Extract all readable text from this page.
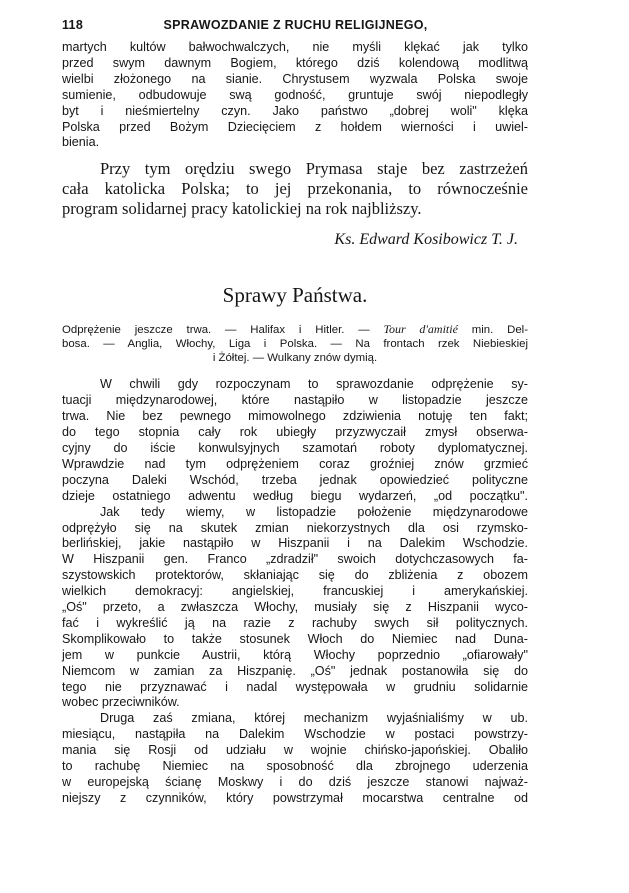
118	SPRAWOZDANIE Z RUCHU RELIGIJNEGO,
martych kultów bałwochwalczych, nie myśli klękać jak tylko
przed swym dawnym Bogiem, którego dziś kolendową modlitwą
wielbi złożonego na sianie. Chrystusem wyzwala Polska swoje
sumienie, odbudowuje swą godność, gruntuje swój niepodległy
byt i nieśmiertelny czyn. Jako państwo „dobrej woli" klęka
Polska przed Bożym Dziecięciem z hołdem wierności i uwiel-
bienia.
Przy tym orędziu swego Prymasa staje bez zastrzeżeń
cała katolicka Polska; to jej przekonania, to równocześnie
program solidarnej pracy katolickiej na rok najbliższy.
Ks. Edward Kosibowicz T. J.
Sprawy Państwa.
Odprężenie jeszcze trwa. — Halifax i Hitler. — Tour d'amitié min. Del-
bosa. — Anglia, Włochy, Liga i Polska. — Na frontach rzek Niebieskiej
i Żółtej. — Wulkany znów dymią.
W chwili gdy rozpoczynam to sprawozdanie odprężenie sy-
tuacji międzynarodowej, które nastąpiło w listopadzie jeszcze
trwa. Nie bez pewnego mimowolnego zdziwienia notuję ten fakt;
do tego stopnia cały rok ubiegły przyzwyczaił zmysł obserwa-
cyjny do iście konwulsyjnych szamotań roboty dyplomatycznej.
Wprawdzie nad tym odprężeniem coraz groźniej znów grzmieć
poczyna Daleki Wschód, trzeba jednak opowiedzieć polityczne
dzieje ostatniego adwentu według biegu wydarzeń, „od początku".
Jak tedy wiemy, w listopadzie położenie międzynarodowe
odprężyło się na skutek zmian niekorzystnych dla osi rzymsko-
berlińskiej, jakie nastąpiło w Hiszpanii i na Dalekim Wschodzie.
W Hiszpanii gen. Franco „zdradził" swoich dotychczasowych fa-
szystowskich protektorów, skłaniając się do zbliżenia z obozem
wielkich demokracyj: angielskiej, francuskiej i amerykańskiej.
„Oś" przeto, a zwłaszcza Włochy, musiały się z Hiszpanii wyco-
fać i wykreślić ją na razie z rachuby swych sił politycznych.
Skomplikowało to także stosunek Włoch do Niemiec nad Duna-
jem w punkcie Austrii, którą Włochy poprzednio „ofiarowały"
Niemcom w zamian za Hiszpanię. „Oś" jednak postanowiła się do
tego nie przyznawać i nadal występowała w grudniu solidarnie
wobec przeciwników.
Druga zaś zmiana, której mechanizm wyjaśnialiśmy w ub.
miesiącu, nastąpiła na Dalekim Wschodzie w postaci powstrzy-
mania się Rosji od udziału w wojnie chińsko-japońskiej. Obaliło
to rachubę Niemiec na sposobność dla zbrojnego uderzenia
w europejską ścianę Moskwy i do dziś jeszcze stanowi najważ-
niejszy z czynników, który powstrzymał mocarstwa centralne od
